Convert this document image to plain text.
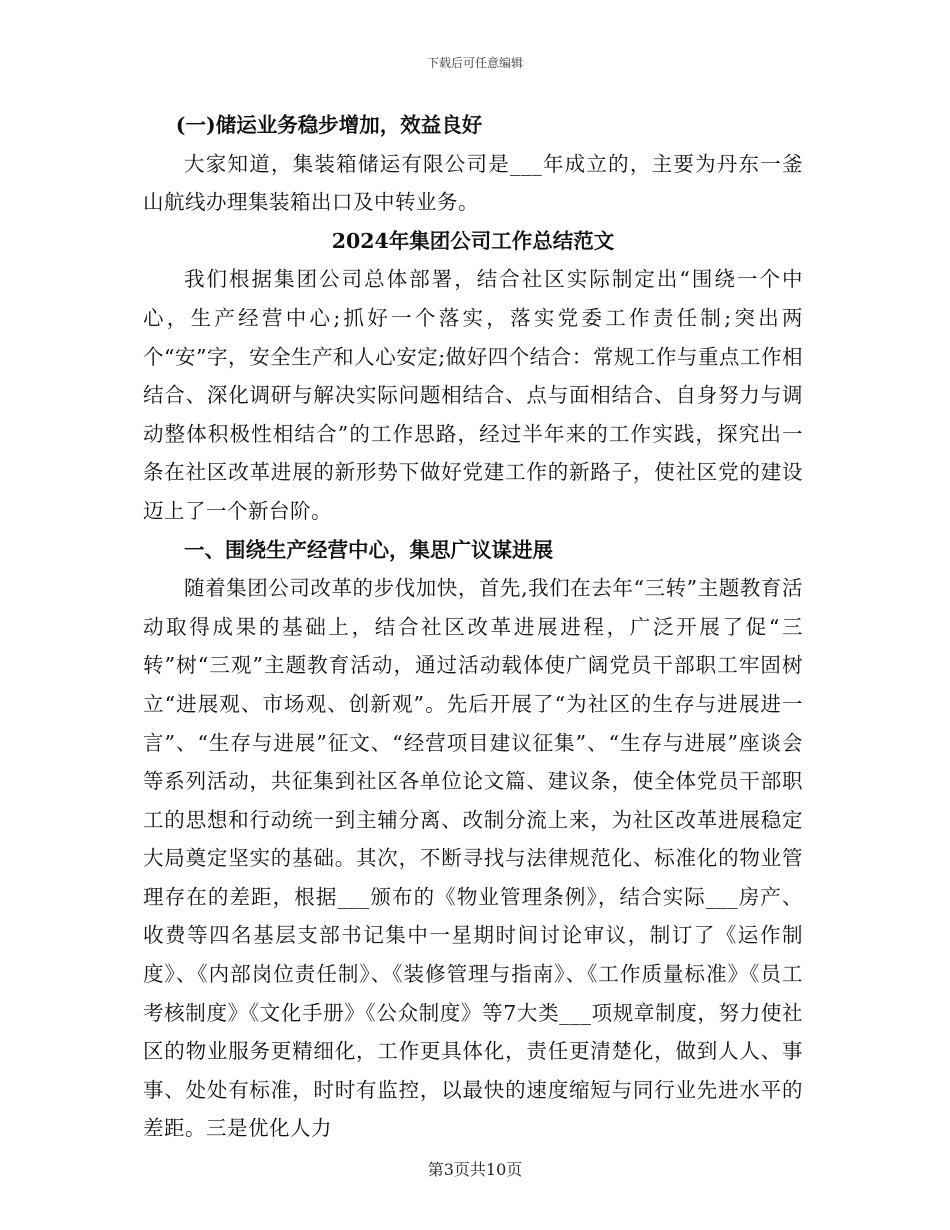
下载后可任意编辑

(一)储运业务稳步增加，效益良好

大家知道，集装箱储运有限公司是___年成立的，主要为丹东一釜山航线办理集装箱出口及中转业务。

2024年集团公司工作总结范文

我们根据集团公司总体部署，结合社区实际制定出“围绕一个中心，生产经营中心;抓好一个落实，落实党委工作责任制;突出两个“安”字，安全生产和人心安定;做好四个结合：常规工作与重点工作相结合、深化调研与解决实际问题相结合、点与面相结合、自身努力与调动整体积极性相结合”的工作思路，经过半年来的工作实践，探究出一条在社区改革进展的新形势下做好党建工作的新路子，使社区党的建设迈上了一个新台阶。

一、围绕生产经营中心，集思广议谋进展

随着集团公司改革的步伐加快，首先,我们在去年“三转”主题教育活动取得成果的基础上，结合社区改革进展进程，广泛开展了促“三转”树“三观”主题教育活动，通过活动载体使广阔党员干部职工牢固树立“进展观、市场观、创新观”。先后开展了“为社区的生存与进展进一言”、“生存与进展”征文、“经营项目建议征集”、“生存与进展”座谈会等系列活动，共征集到社区各单位论文篇、建议条，使全体党员干部职工的思想和行动统一到主辅分离、改制分流上来，为社区改革进展稳定大局奠定坚实的基础。其次，不断寻找与法律规范化、标准化的物业管理存在的差距，根据___颁布的《物业管理条例》，结合实际___房产、收费等四名基层支部书记集中一星期时间讨论审议，制订了《运作制度》、《内部岗位责任制》、《装修管理与指南》、《工作质量标准》《员工考核制度》《文化手册》《公众制度》等7大类___项规章制度，努力使社区的物业服务更精细化，工作更具体化，责任更清楚化，做到人人、事事、处处有标准，时时有监控，以最快的速度缩短与同行业先进水平的差距。三是优化人力

第3页共10页
